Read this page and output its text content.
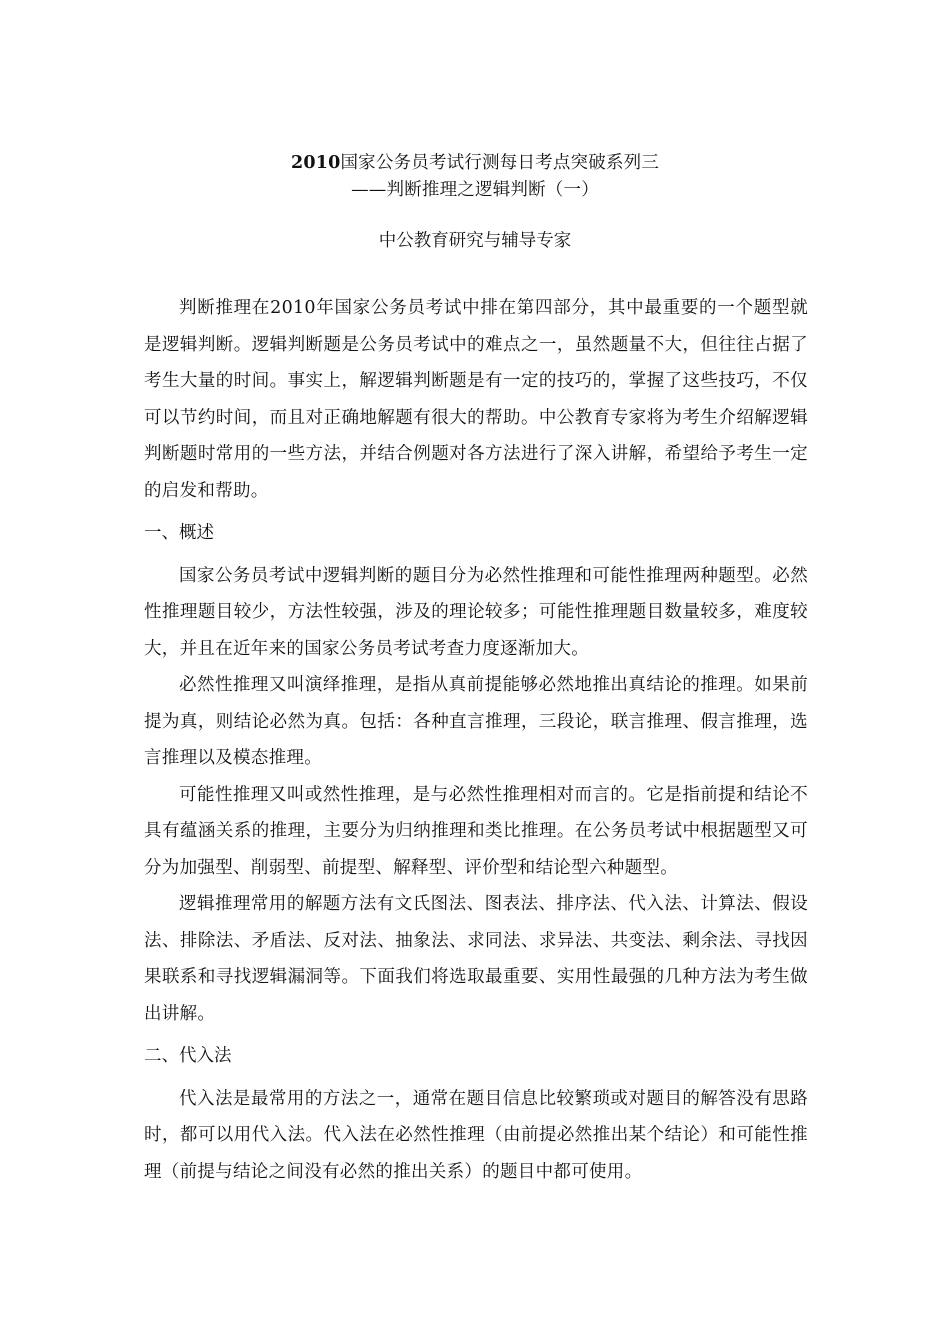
2010国家公务员考试行测每日考点突破系列三
——判断推理之逻辑判断（一）
中公教育研究与辅导专家

判断推理在2010年国家公务员考试中排在第四部分，其中最重要的一个题型就是逻辑判断。逻辑判断题是公务员考试中的难点之一，虽然题量不大，但往往占据了考生大量的时间。事实上，解逻辑判断题是有一定的技巧的，掌握了这些技巧，不仅可以节约时间，而且对正确地解题有很大的帮助。中公教育专家将为考生介绍解逻辑判断题时常用的一些方法，并结合例题对各方法进行了深入讲解，希望给予考生一定的启发和帮助。

一、概述

国家公务员考试中逻辑判断的题目分为必然性推理和可能性推理两种题型。必然性推理题目较少，方法性较强，涉及的理论较多；可能性推理题目数量较多，难度较大，并且在近年来的国家公务员考试考查力度逐渐加大。

必然性推理又叫演绎推理，是指从真前提能够必然地推出真结论的推理。如果前提为真，则结论必然为真。包括：各种直言推理，三段论，联言推理、假言推理，选言推理以及模态推理。

可能性推理又叫或然性推理，是与必然性推理相对而言的。它是指前提和结论不具有蕴涵关系的推理，主要分为归纳推理和类比推理。在公务员考试中根据题型又可分为加强型、削弱型、前提型、解释型、评价型和结论型六种题型。

逻辑推理常用的解题方法有文氏图法、图表法、排序法、代入法、计算法、假设法、排除法、矛盾法、反对法、抽象法、求同法、求异法、共变法、剩余法、寻找因果联系和寻找逻辑漏洞等。下面我们将选取最重要、实用性最强的几种方法为考生做出讲解。

二、代入法

代入法是最常用的方法之一，通常在题目信息比较繁琐或对题目的解答没有思路时，都可以用代入法。代入法在必然性推理（由前提必然推出某个结论）和可能性推理（前提与结论之间没有必然的推出关系）的题目中都可使用。
